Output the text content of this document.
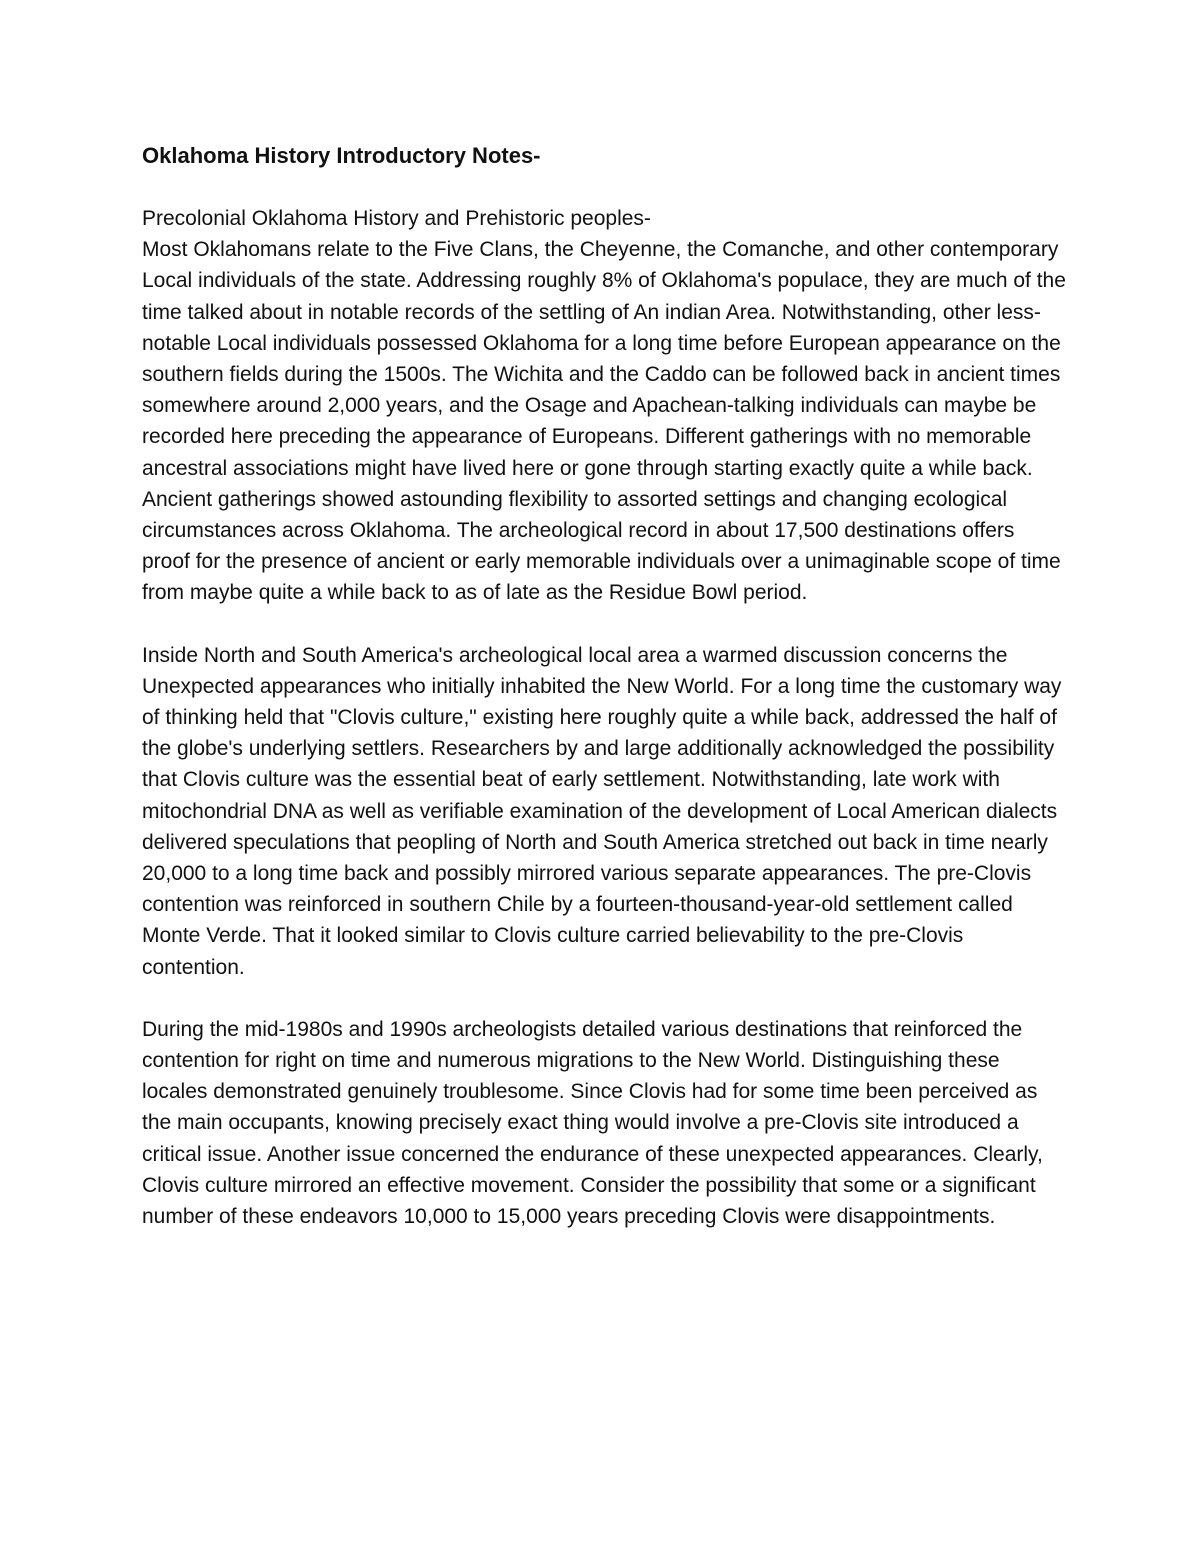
Oklahoma History Introductory Notes-
Precolonial Oklahoma History and Prehistoric peoples-

Most Oklahomans relate to the Five Clans, the Cheyenne, the Comanche, and other contemporary Local individuals of the state. Addressing roughly 8% of Oklahoma's populace, they are much of the time talked about in notable records of the settling of An indian Area. Notwithstanding, other less-notable Local individuals possessed Oklahoma for a long time before European appearance on the southern fields during the 1500s. The Wichita and the Caddo can be followed back in ancient times somewhere around 2,000 years, and the Osage and Apachean-talking individuals can maybe be recorded here preceding the appearance of Europeans. Different gatherings with no memorable ancestral associations might have lived here or gone through starting exactly quite a while back. Ancient gatherings showed astounding flexibility to assorted settings and changing ecological circumstances across Oklahoma. The archeological record in about 17,500 destinations offers proof for the presence of ancient or early memorable individuals over a unimaginable scope of time from maybe quite a while back to as of late as the Residue Bowl period.

Inside North and South America's archeological local area a warmed discussion concerns the Unexpected appearances who initially inhabited the New World. For a long time the customary way of thinking held that "Clovis culture," existing here roughly quite a while back, addressed the half of the globe's underlying settlers. Researchers by and large additionally acknowledged the possibility that Clovis culture was the essential beat of early settlement. Notwithstanding, late work with mitochondrial DNA as well as verifiable examination of the development of Local American dialects delivered speculations that peopling of North and South America stretched out back in time nearly 20,000 to a long time back and possibly mirrored various separate appearances. The pre-Clovis contention was reinforced in southern Chile by a fourteen-thousand-year-old settlement called Monte Verde. That it looked similar to Clovis culture carried believability to the pre-Clovis contention.

During the mid-1980s and 1990s archeologists detailed various destinations that reinforced the contention for right on time and numerous migrations to the New World. Distinguishing these locales demonstrated genuinely troublesome. Since Clovis had for some time been perceived as the main occupants, knowing precisely exact thing would involve a pre-Clovis site introduced a critical issue. Another issue concerned the endurance of these unexpected appearances. Clearly, Clovis culture mirrored an effective movement. Consider the possibility that some or a significant number of these endeavors 10,000 to 15,000 years preceding Clovis were disappointments.
